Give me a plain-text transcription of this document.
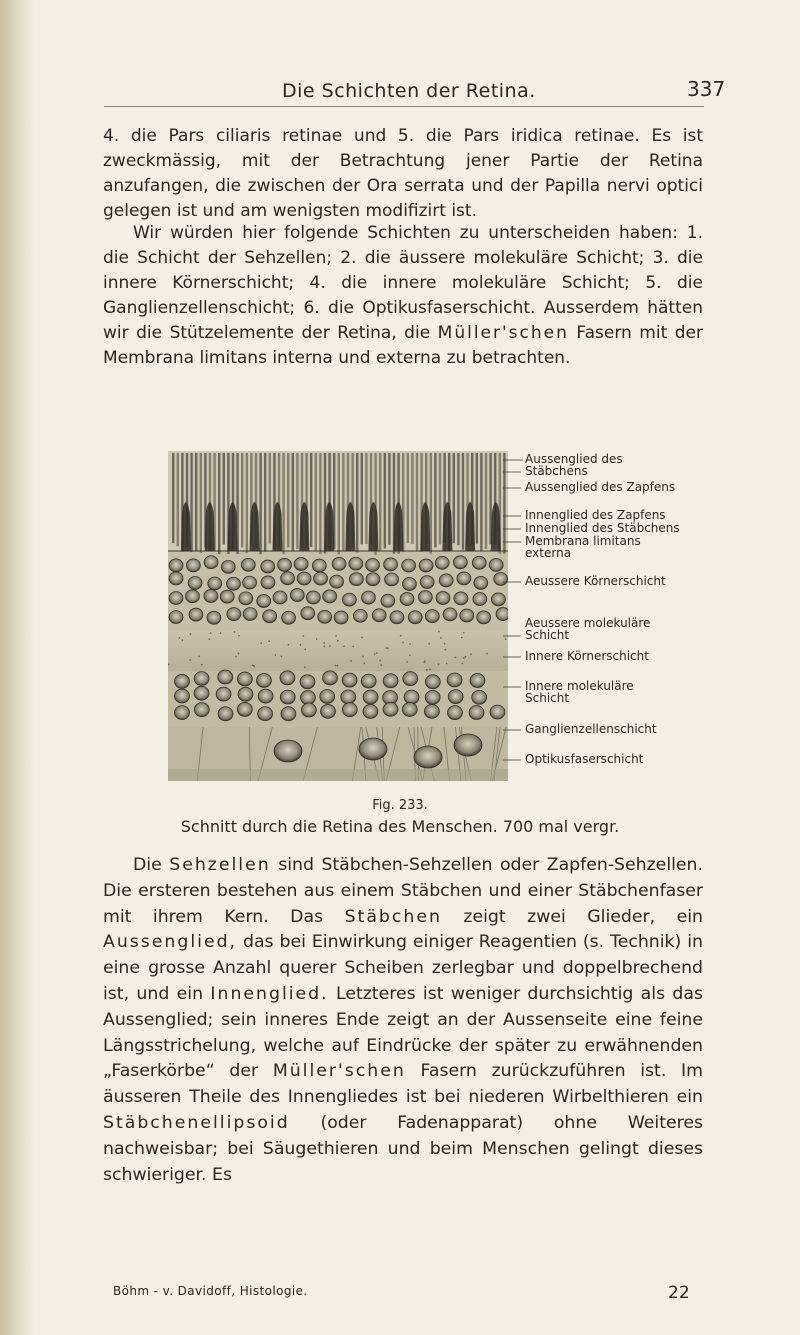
Die Schichten der Retina.	337
4. die Pars ciliaris retinae und 5. die Pars iridica retinae. Es ist zweckmässig, mit der Betrachtung jener Partie der Retina anzufangen, die zwischen der Ora serrata und der Papilla nervi optici gelegen ist und am wenigsten modifizirt ist.
Wir würden hier folgende Schichten zu unterscheiden haben: 1. die Schicht der Sehzellen; 2. die äussere molekuläre Schicht; 3. die innere Körnerschicht; 4. die innere molekuläre Schicht; 5. die Ganglienzellenschicht; 6. die Optikusfaserschicht. Ausserdem hätten wir die Stützelemente der Retina, die Müller'schen Fasern mit der Membrana limitans interna und externa zu betrachten.
Aussenglied des
Stäbchens
Aussenglied des Zapfens
Innenglied des Zapfens
Innenglied des Stäbchens
Membrana limitans
externa
Aeussere Körnerschicht
Aeussere molekuläre
Schicht
Innere Körnerschicht
Innere molekuläre
Schicht
Ganglienzellenschicht
Optikusfaserschicht
Fig. 233.
Schnitt durch die Retina des Menschen. 700 mal vergr.
Die Sehzellen sind Stäbchen-Sehzellen oder Zapfen-Sehzellen. Die ersteren bestehen aus einem Stäbchen und einer Stäbchenfaser mit ihrem Kern. Das Stäbchen zeigt zwei Glieder, ein Aussenglied, das bei Einwirkung einiger Reagentien (s. Technik) in eine grosse Anzahl querer Scheiben zerlegbar und doppelbrechend ist, und ein Innenglied. Letzteres ist weniger durchsichtig als das Aussenglied; sein inneres Ende zeigt an der Aussenseite eine feine Längsstrichelung, welche auf Eindrücke der später zu erwähnenden „Faserkörbe“ der Müller'schen Fasern zurückzuführen ist. Im äusseren Theile des Innengliedes ist bei niederen Wirbelthieren ein Stäbchenellipsoid (oder Fadenapparat) ohne Weiteres nachweisbar; bei Säugethieren und beim Menschen gelingt dieses schwieriger. Es
Böhm - v. Davidoff, Histologie.	22
